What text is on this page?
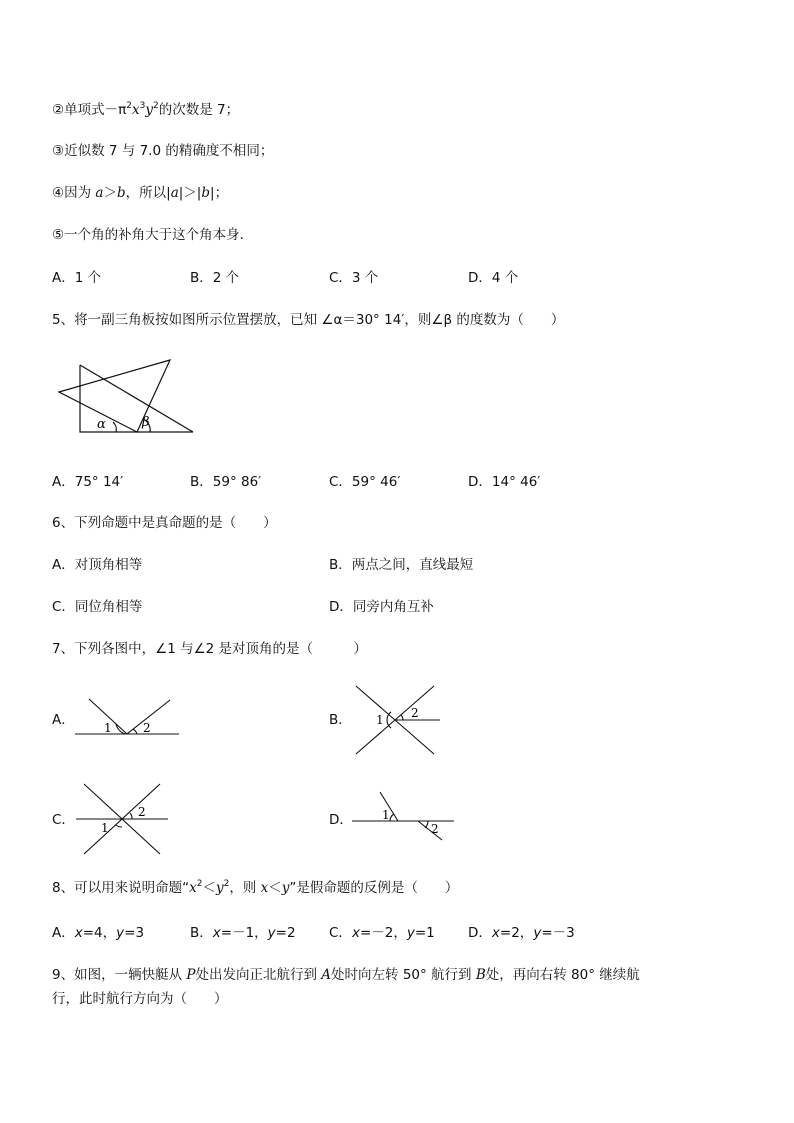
②单项式$-\pi^2x^3y^2$的次数是 7；
③近似数 7 与 7.0 的精确度不相同；
④因为 a＞b，所以|a|＞|b|；
⑤一个角的补角大于这个角本身．
A．1 个	B．2 个	C．3 个	D．4 个
5、将一副三角板按如图所示位置摆放，已知 ∠α＝30° 14′，则∠β 的度数为（　　）
α	β
A．75° 14′	B．59° 86′	C．59° 46′	D．14° 46′
6、下列命题中是真命题的是（　　）
A．对顶角相等	B．两点之间，直线最短
C．同位角相等	D．同旁内角互补
7、下列各图中，∠1 与∠2 是对顶角的是（　　　）
A． 1	2	B． 1 2
C． 1
2	D． 1
2
8、可以用来说明命题“$x^2<y^2$，则 x＜y”是假命题的反例是（　　）
A．x=4，y=3	B．x=－1，y=2 C．x=－2，y=1 D．x=2，y=－3
9、如图，一辆快艇从 P处出发向正北航行到 A处时向左转 50° 航行到 B处，再向右转 80° 继续航
行，此时航行方向为（　　）
